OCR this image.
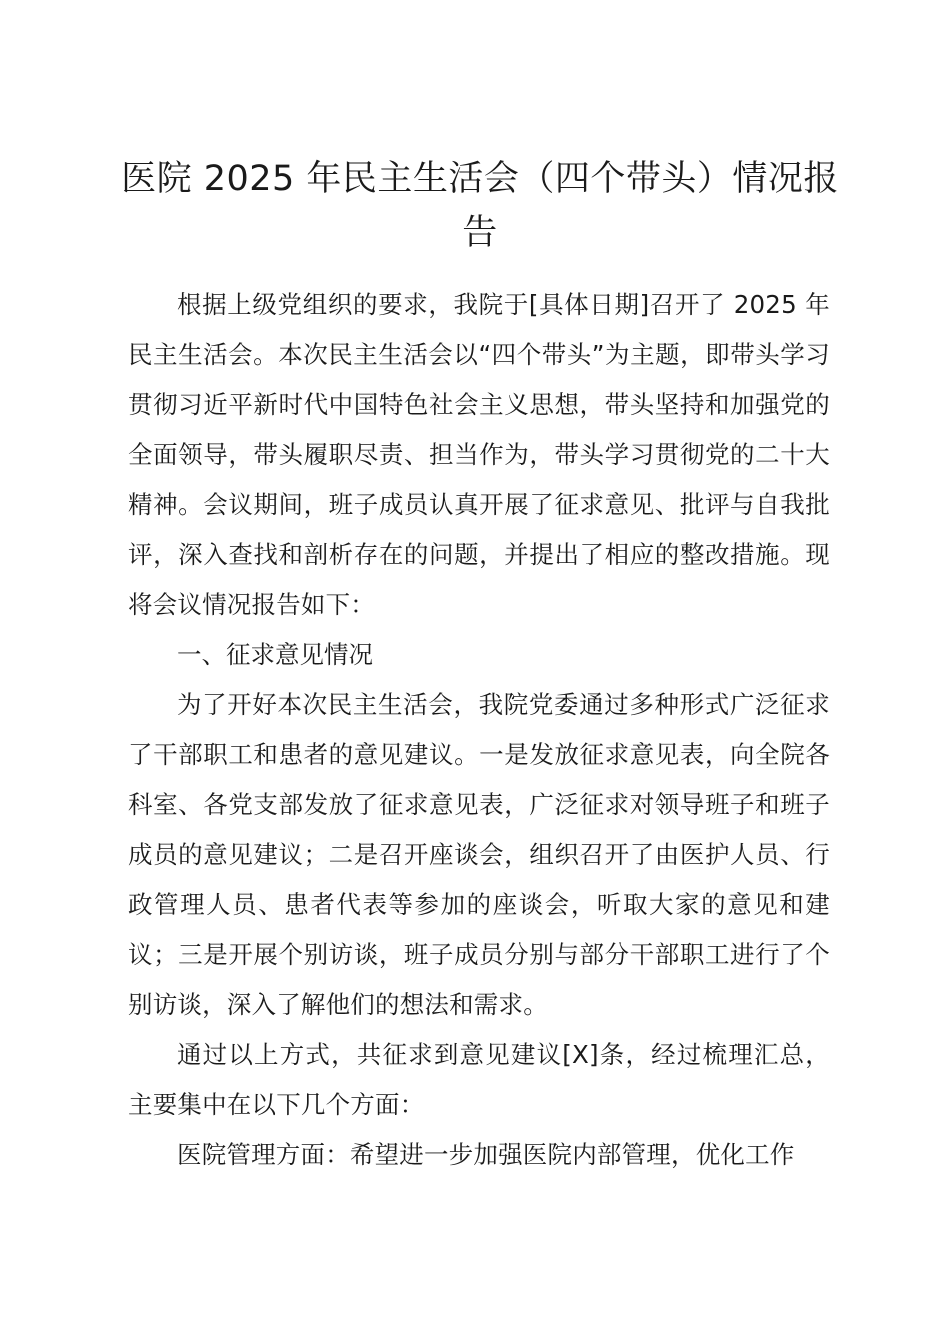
医院 2025 年民主生活会（四个带头）情况报告

根据上级党组织的要求，我院于[具体日期]召开了 2025 年民主生活会。本次民主生活会以“四个带头”为主题，即带头学习贯彻习近平新时代中国特色社会主义思想，带头坚持和加强党的全面领导，带头履职尽责、担当作为，带头学习贯彻党的二十大精神。会议期间，班子成员认真开展了征求意见、批评与自我批评，深入查找和剖析存在的问题，并提出了相应的整改措施。现将会议情况报告如下：

一、征求意见情况

为了开好本次民主生活会，我院党委通过多种形式广泛征求了干部职工和患者的意见建议。一是发放征求意见表，向全院各科室、各党支部发放了征求意见表，广泛征求对领导班子和班子成员的意见建议；二是召开座谈会，组织召开了由医护人员、行政管理人员、患者代表等参加的座谈会，听取大家的意见和建议；三是开展个别访谈，班子成员分别与部分干部职工进行了个别访谈，深入了解他们的想法和需求。

通过以上方式，共征求到意见建议[X]条，经过梳理汇总，主要集中在以下几个方面：

医院管理方面：希望进一步加强医院内部管理，优化工作
